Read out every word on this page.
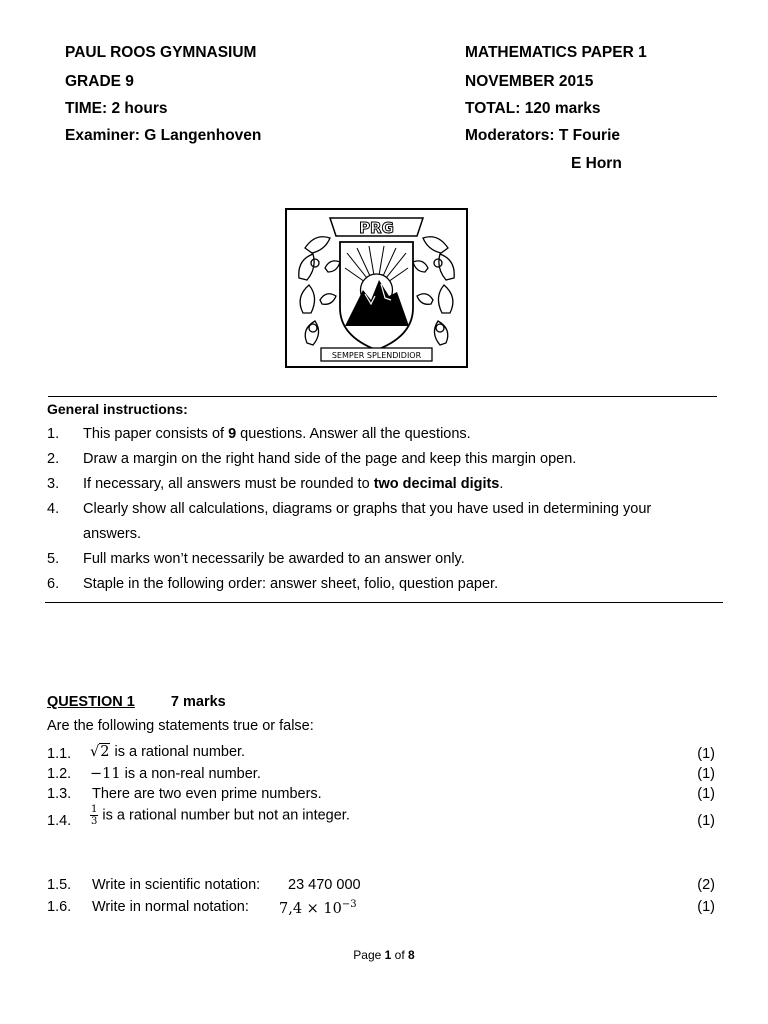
PAUL ROOS GYMNASIUM
GRADE 9
TIME: 2 hours
Examiner: G Langenhoven
MATHEMATICS PAPER 1
NOVEMBER 2015
TOTAL: 120 marks
Moderators: T Fourie
E Horn
PRG
SEMPER SPLENDIDIOR
General instructions:
1. This paper consists of 9 questions. Answer all the questions.
2. Draw a margin on the right hand side of the page and keep this margin open.
3. If necessary, all answers must be rounded to two decimal digits.
4. Clearly show all calculations, diagrams or graphs that you have used in determining your
answers.
5. Full marks won’t necessarily be awarded to an answer only.
6. Staple in the following order: answer sheet, folio, question paper.
QUESTION 1 7 marks
Are the following statements true or false:
1.1. √2 is a rational number.	(1)
1.2. −11 is a non-real number.	(1)
1.3. There are two even prime numbers.	(1)
1.4. $\frac{1}{3}$ is a rational number but not an integer.	(1)
1.5. Write in scientific notation: 23 470 000	(2)
1.6. Write in normal notation: $7,4 \times 10^{-3}$	(1)
Page 1 of 8
